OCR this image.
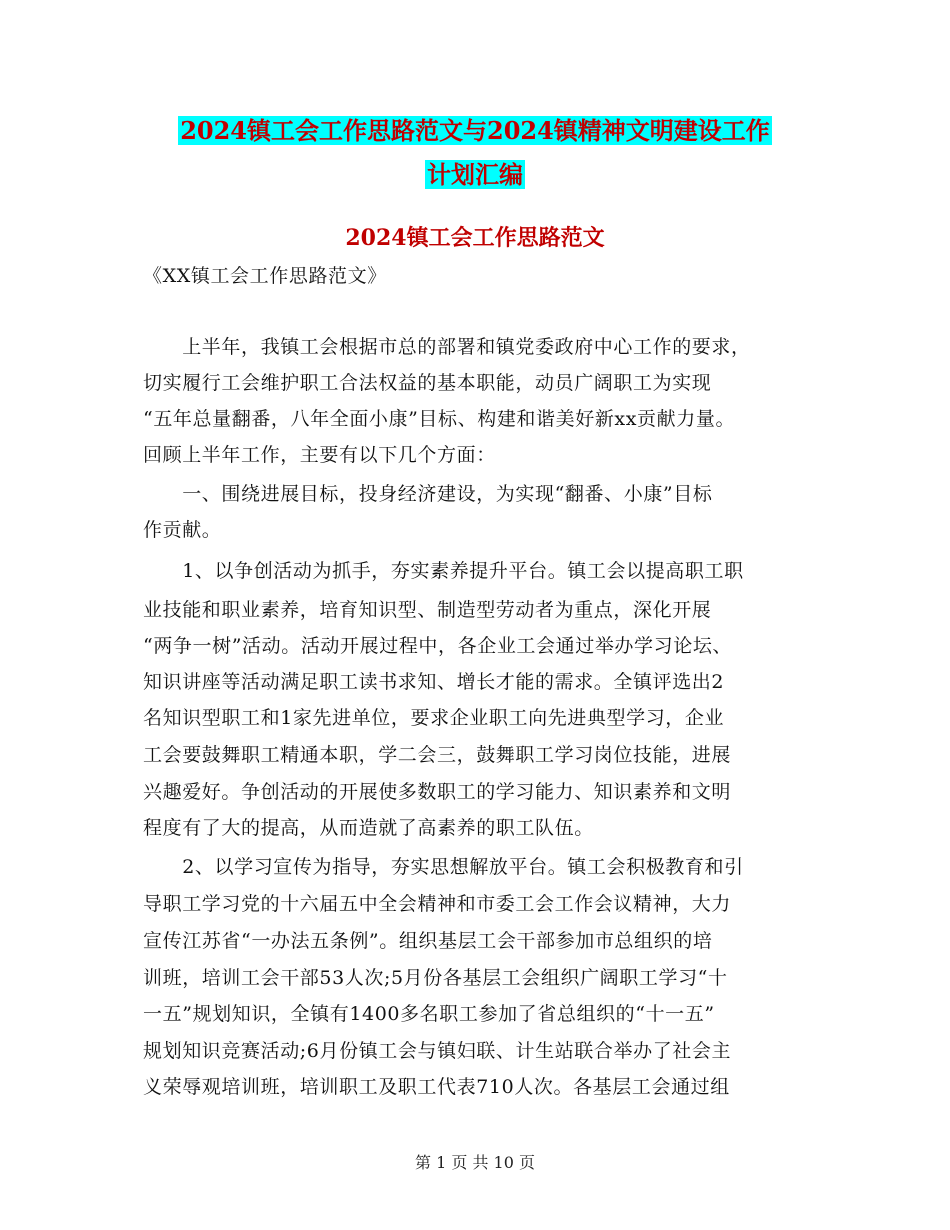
2024镇工会工作思路范文与2024镇精神文明建设工作
计划汇编
2024镇工会工作思路范文
《XX镇工会工作思路范文》
　　上半年，我镇工会根据市总的部署和镇党委政府中心工作的要求，
切实履行工会维护职工合法权益的基本职能，动员广阔职工为实现
“五年总量翻番，八年全面小康”目标、构建和谐美好新xx贡献力量。
回顾上半年工作，主要有以下几个方面：
　　一、围绕进展目标，投身经济建设，为实现“翻番、小康”目标
作贡献。
　　1、以争创活动为抓手，夯实素养提升平台。镇工会以提高职工职
业技能和职业素养，培育知识型、制造型劳动者为重点，深化开展
“两争一树”活动。活动开展过程中，各企业工会通过举办学习论坛、
知识讲座等活动满足职工读书求知、增长才能的需求。全镇评选出2
名知识型职工和1家先进单位，要求企业职工向先进典型学习，企业
工会要鼓舞职工精通本职，学二会三，鼓舞职工学习岗位技能，进展
兴趣爱好。争创活动的开展使多数职工的学习能力、知识素养和文明
程度有了大的提高，从而造就了高素养的职工队伍。
　　2、以学习宣传为指导，夯实思想解放平台。镇工会积极教育和引
导职工学习党的十六届五中全会精神和市委工会工作会议精神，大力
宣传江苏省“一办法五条例”。组织基层工会干部参加市总组织的培
训班，培训工会干部53人次;5月份各基层工会组织广阔职工学习“十
一五”规划知识，全镇有1400多名职工参加了省总组织的“十一五”
规划知识竞赛活动;6月份镇工会与镇妇联、计生站联合举办了社会主
义荣辱观培训班，培训职工及职工代表710人次。各基层工会通过组
第 1 页 共 10 页
